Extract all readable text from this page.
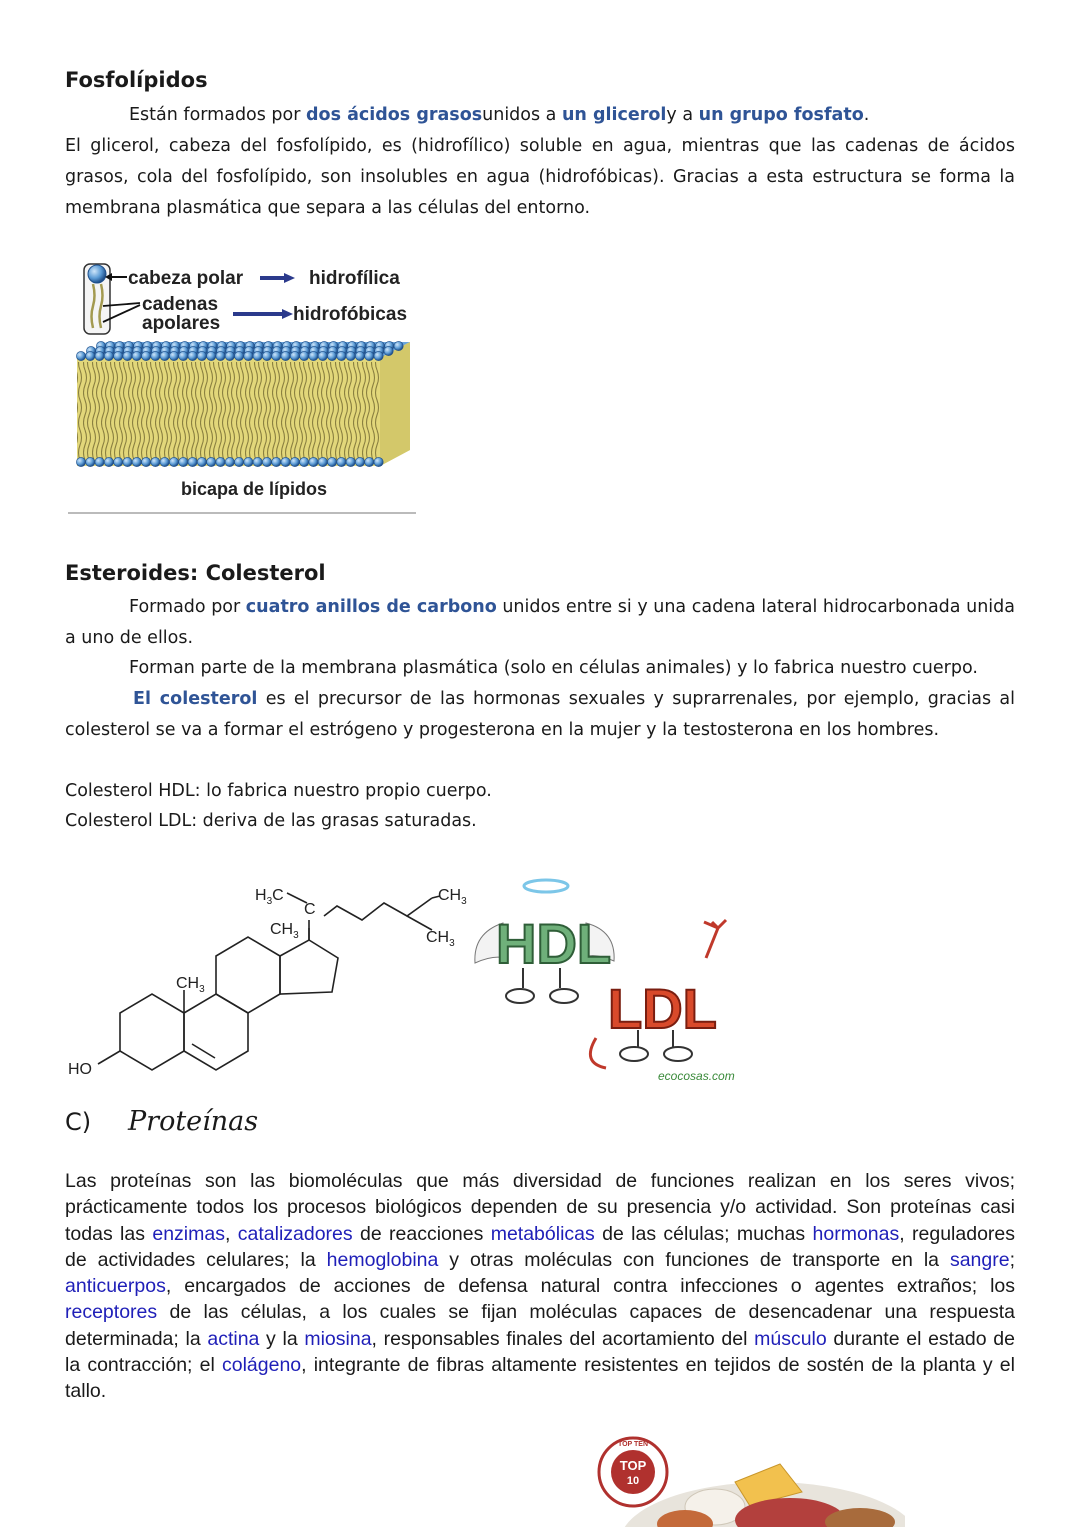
Fosfolípidos

Están formados por dos ácidos grasosunidos a un gliceroly a un grupo fosfato.

El glicerol, cabeza del fosfolípido, es (hidrofílico) soluble en agua, mientras que las cadenas de ácidos grasos, cola del fosfolípido, son insolubles en agua (hidrofóbicas). Gracias a esta estructura se forma la membrana plasmática que separa a las células del entorno.

cabeza polar	hidrofílica
cadenas
apolares	hidrofóbicas
bicapa de lípidos
Esteroides: Colesterol

Formado por cuatro anillos de carbono unidos entre si y una cadena lateral hidrocarbonada unida a uno de ellos.

Forman parte de la membrana plasmática (solo en células animales) y lo fabrica nuestro cuerpo.

El colesterol es el precursor de las hormonas sexuales y suprarrenales, por ejemplo, gracias al colesterol se va a formar el estrógeno y progesterona en la mujer y la testosterona en los hombres.

Colesterol HDL: lo fabrica nuestro propio cuerpo.

Colesterol LDL: deriva de las grasas saturadas.

HO
$CH_3$
$CH_3$
$H_3C$
C
$CH_3$
$CH_3$ HDL
LDL
ecocosas.com
C) Proteínas

Las proteínas son las biomoléculas que más diversidad de funciones realizan en los seres vivos; prácticamente todos los procesos biológicos dependen de su presencia y/o actividad. Son proteínas casi todas las enzimas, catalizadores de reacciones metabólicas de las células; muchas hormonas, reguladores de actividades celulares; la hemoglobina y otras moléculas con funciones de transporte en la sangre; anticuerpos, encargados de acciones de defensa natural contra infecciones o agentes extraños; los receptores de las células, a los cuales se fijan moléculas capaces de desencadenar una respuesta determinada; la actina y la miosina, responsables finales del acortamiento del músculo durante el estado de la contracción; el colágeno, integrante de fibras altamente resistentes en tejidos de sostén de la planta y el tallo.

TOP
10
TOP TEN
